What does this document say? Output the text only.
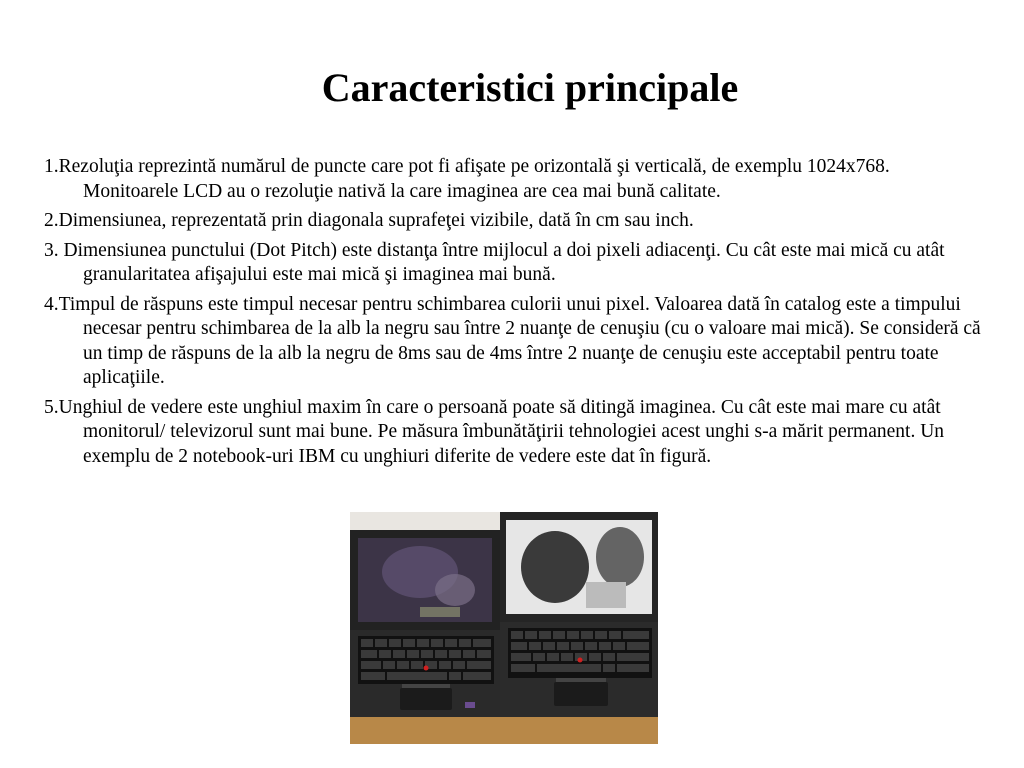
Caracteristici principale

1.Rezoluţia reprezintă numărul de puncte care pot fi afişate pe orizontală şi verticală, de exemplu 1024x768. Monitoarele LCD au o rezoluţie nativă la care imaginea are cea mai bună calitate.

2.Dimensiunea, reprezentată prin diagonala suprafeţei vizibile, dată în cm sau inch.

3. Dimensiunea punctului (Dot Pitch) este distanţa între mijlocul a doi pixeli adiacenţi. Cu cât este mai mică cu atât granularitatea afişajului este mai mică şi imaginea mai bună.

4.Timpul de răspuns este timpul necesar pentru schimbarea culorii unui pixel. Valoarea dată în catalog este a timpului necesar pentru schimbarea de la alb la negru sau între 2 nuanţe de cenuşiu (cu o valoare mai mică). Se consideră că un timp de răspuns de la alb la negru de 8ms sau de 4ms între 2 nuanţe de cenuşiu este acceptabil pentru toate aplicaţiile.

5.Unghiul de vedere este unghiul maxim în care o persoană poate să ditingă imaginea. Cu cât este mai mare cu atât monitorul/ televizorul sunt mai bune. Pe măsura îmbunătăţirii tehnologiei acest unghi s-a mărit permanent. Un exemplu de 2 notebook-uri IBM cu unghiuri diferite de vedere este dat în figură.
